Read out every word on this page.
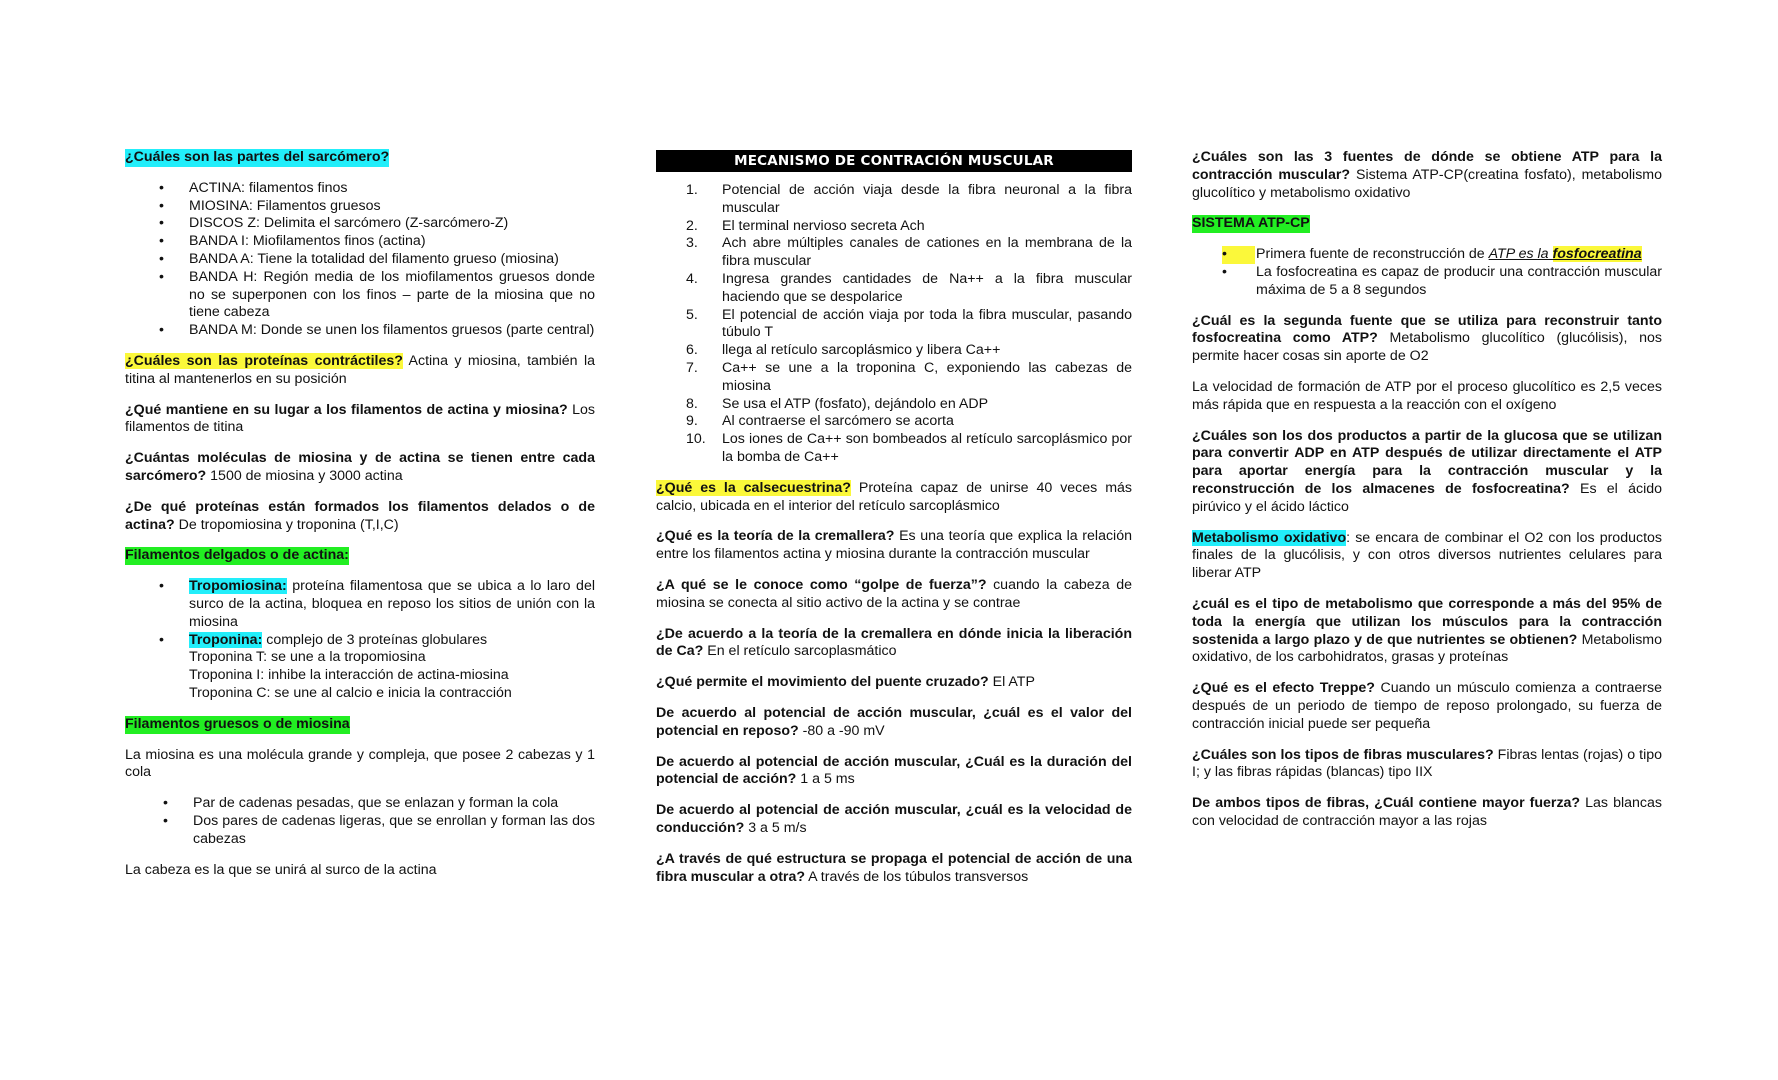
¿Cuáles son las partes del sarcómero?
• ACTINA: filamentos finos
• MIOSINA: Filamentos gruesos
• DISCOS Z: Delimita el sarcómero (Z-sarcómero-Z)
• BANDA I: Miofilamentos finos (actina)
• BANDA A: Tiene la totalidad del filamento grueso (miosina)
• BANDA H: Región media de los miofilamentos gruesos donde no se superponen con los finos – parte de la miosina que no tiene cabeza
• BANDA M: Donde se unen los filamentos gruesos (parte central)

¿Cuáles son las proteínas contráctiles? Actina y miosina, también la titina al mantenerlos en su posición

¿Qué mantiene en su lugar a los filamentos de actina y miosina? Los filamentos de titina

¿Cuántas moléculas de miosina y de actina se tienen entre cada sarcómero? 1500 de miosina y 3000 actina

¿De qué proteínas están formados los filamentos delados o de actina? De tropomiosina y troponina (T,I,C)

Filamentos delgados o de actina:
• Tropomiosina: proteína filamentosa que se ubica a lo laro del surco de la actina, bloquea en reposo los sitios de unión con la miosina
• Troponina: complejo de 3 proteínas globulares
Troponina T: se une a la tropomiosina
Troponina I: inhibe la interacción de actina-miosina
Troponina C: se une al calcio e inicia la contracción
Filamentos gruesos o de miosina

La miosina es una molécula grande y compleja, que posee 2 cabezas y 1 cola

• Par de cadenas pesadas, que se enlazan y forman la cola
• Dos pares de cadenas ligeras, que se enrollan y forman las dos cabezas

La cabeza es la que se unirá al surco de la actina

MECANISMO DE CONTRACIÓN MUSCULAR
1. Potencial de acción viaja desde la fibra neuronal a la fibra muscular
2. El terminal nervioso secreta Ach
3. Ach abre múltiples canales de cationes en la membrana de la fibra muscular
4. Ingresa grandes cantidades de Na++ a la fibra muscular haciendo que se despolarice
5. El potencial de acción viaja por toda la fibra muscular, pasando túbulo T
6. llega al retículo sarcoplásmico y libera Ca++
7. Ca++ se une a la troponina C, exponiendo las cabezas de miosina
8. Se usa el ATP (fosfato), dejándolo en ADP
9. Al contraerse el sarcómero se acorta
10. Los iones de Ca++ son bombeados al retículo sarcoplásmico por la bomba de Ca++

¿Qué es la calsecuestrina? Proteína capaz de unirse 40 veces más calcio, ubicada en el interior del retículo sarcoplásmico

¿Qué es la teoría de la cremallera? Es una teoría que explica la relación entre los filamentos actina y miosina durante la contracción muscular

¿A qué se le conoce como “golpe de fuerza”? cuando la cabeza de miosina se conecta al sitio activo de la actina y se contrae

¿De acuerdo a la teoría de la cremallera en dónde inicia la liberación de Ca? En el retículo sarcoplasmático

¿Qué permite el movimiento del puente cruzado? El ATP

De acuerdo al potencial de acción muscular, ¿cuál es el valor del potencial en reposo? -80 a -90 mV

De acuerdo al potencial de acción muscular, ¿Cuál es la duración del potencial de acción? 1 a 5 ms

De acuerdo al potencial de acción muscular, ¿cuál es la velocidad de conducción? 3 a 5 m/s

¿A través de qué estructura se propaga el potencial de acción de una fibra muscular a otra? A través de los túbulos transversos

¿Cuáles son las 3 fuentes de dónde se obtiene ATP para la contracción muscular? Sistema ATP-CP(creatina fosfato), metabolismo glucolítico y metabolismo oxidativo

SISTEMA ATP-CP
•	Primera fuente de reconstrucción de ATP es la fosfocreatina
•	La fosfocreatina es capaz de producir una contracción muscular máxima de 5 a 8 segundos

¿Cuál es la segunda fuente que se utiliza para reconstruir tanto fosfocreatina como ATP? Metabolismo glucolítico (glucólisis), nos permite hacer cosas sin aporte de O2

La velocidad de formación de ATP por el proceso glucolítico es 2,5 veces más rápida que en respuesta a la reacción con el oxígeno

¿Cuáles son los dos productos a partir de la glucosa que se utilizan para convertir ADP en ATP después de utilizar directamente el ATP para aportar energía para la contracción muscular y la reconstrucción de los almacenes de fosfocreatina? Es el ácido pirúvico y el ácido láctico

Metabolismo oxidativo: se encara de combinar el O2 con los productos finales de la glucólisis, y con otros diversos nutrientes celulares para liberar ATP

¿cuál es el tipo de metabolismo que corresponde a más del 95% de toda la energía que utilizan los músculos para la contracción sostenida a largo plazo y de que nutrientes se obtienen? Metabolismo oxidativo, de los carbohidratos, grasas y proteínas

¿Qué es el efecto Treppe? Cuando un músculo comienza a contraerse después de un periodo de tiempo de reposo prolongado, su fuerza de contracción inicial puede ser pequeña

¿Cuáles son los tipos de fibras musculares? Fibras lentas (rojas) o tipo I; y las fibras rápidas (blancas) tipo IIX

De ambos tipos de fibras, ¿Cuál contiene mayor fuerza? Las blancas con velocidad de contracción mayor a las rojas
